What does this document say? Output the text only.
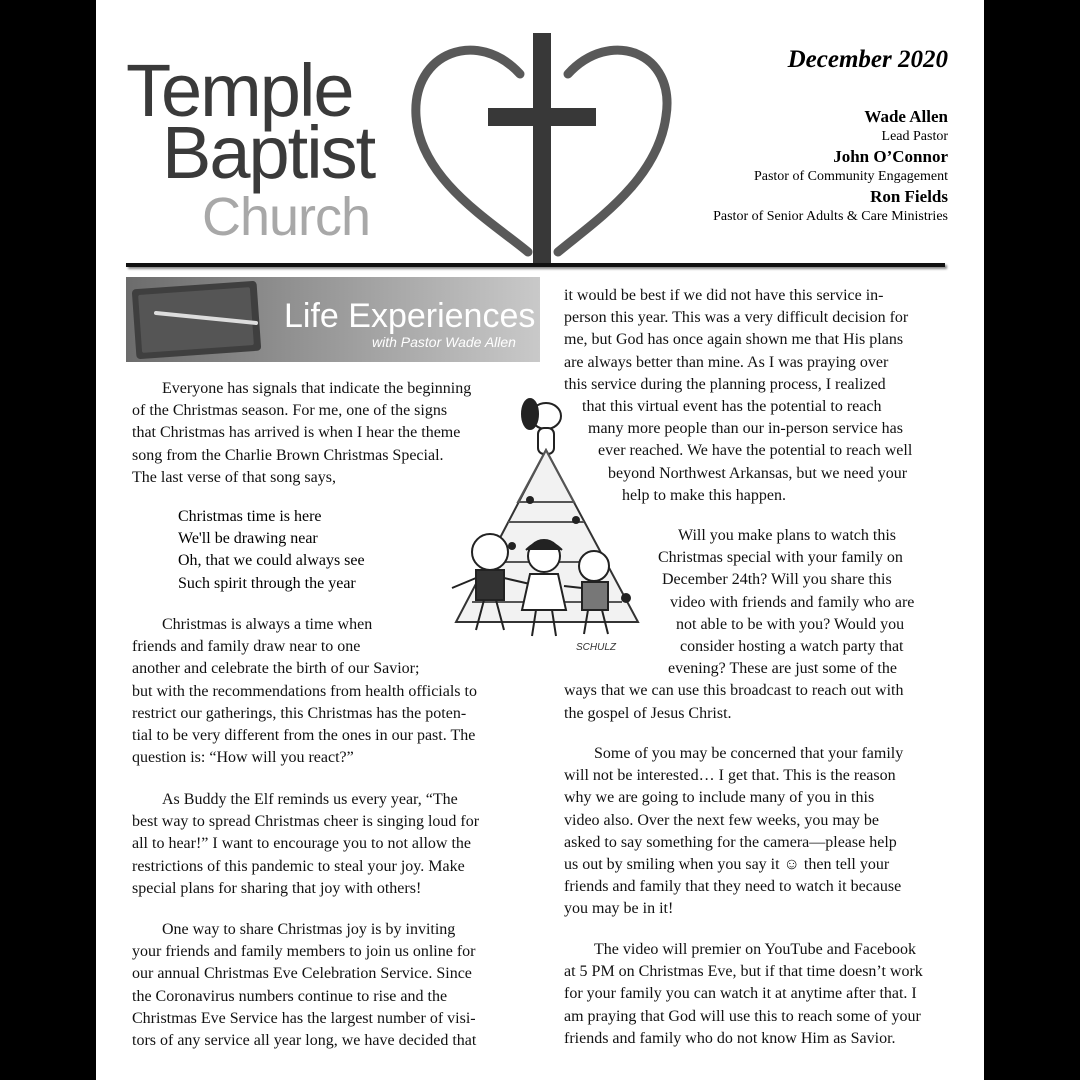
Temple
Baptist
Church
December 2020
Wade Allen
Lead Pastor
John O’Connor
Pastor of Community Engagement
Ron Fields
Pastor of Senior Adults & Care Ministries
Life Experiences
with Pastor Wade Allen
Everyone has signals that indicate the beginning
of the Christmas season. For me, one of the signs
that Christmas has arrived is when I hear the theme
song from the Charlie Brown Christmas Special.
The last verse of that song says,
Christmas time is here
We'll be drawing near
Oh, that we could always see
Such spirit through the year
Christmas is always a time when
friends and family draw near to one
another and celebrate the birth of our Savior;
but with the recommendations from health officials to
restrict our gatherings, this Christmas has the poten-
tial to be very different from the ones in our past. The
question is: “How will you react?”
As Buddy the Elf reminds us every year, “The
best way to spread Christmas cheer is singing loud for
all to hear!” I want to encourage you to not allow the
restrictions of this pandemic to steal your joy. Make
special plans for sharing that joy with others!
One way to share Christmas joy is by inviting
your friends and family members to join us online for
our annual Christmas Eve Celebration Service. Since
the Coronavirus numbers continue to rise and the
Christmas Eve Service has the largest number of visi-
tors of any service all year long, we have decided that
SCHULZ
it would be best if we did not have this service in-
person this year. This was a very difficult decision for
me, but God has once again shown me that His plans
are always better than mine. As I was praying over
this service during the planning process, I realized
that this virtual event has the potential to reach
many more people than our in-person service has
ever reached. We have the potential to reach well
beyond Northwest Arkansas, but we need your
help to make this happen.
Will you make plans to watch this
Christmas special with your family on
December 24th? Will you share this
video with friends and family who are
not able to be with you? Would you
consider hosting a watch party that
evening? These are just some of the
ways that we can use this broadcast to reach out with
the gospel of Jesus Christ.
Some of you may be concerned that your family
will not be interested… I get that. This is the reason
why we are going to include many of you in this
video also. Over the next few weeks, you may be
asked to say something for the camera—please help
us out by smiling when you say it ☺ then tell your
friends and family that they need to watch it because
you may be in it!
The video will premier on YouTube and Facebook
at 5 PM on Christmas Eve, but if that time doesn’t work
for your family you can watch it at anytime after that. I
am praying that God will use this to reach some of your
friends and family who do not know Him as Savior.
